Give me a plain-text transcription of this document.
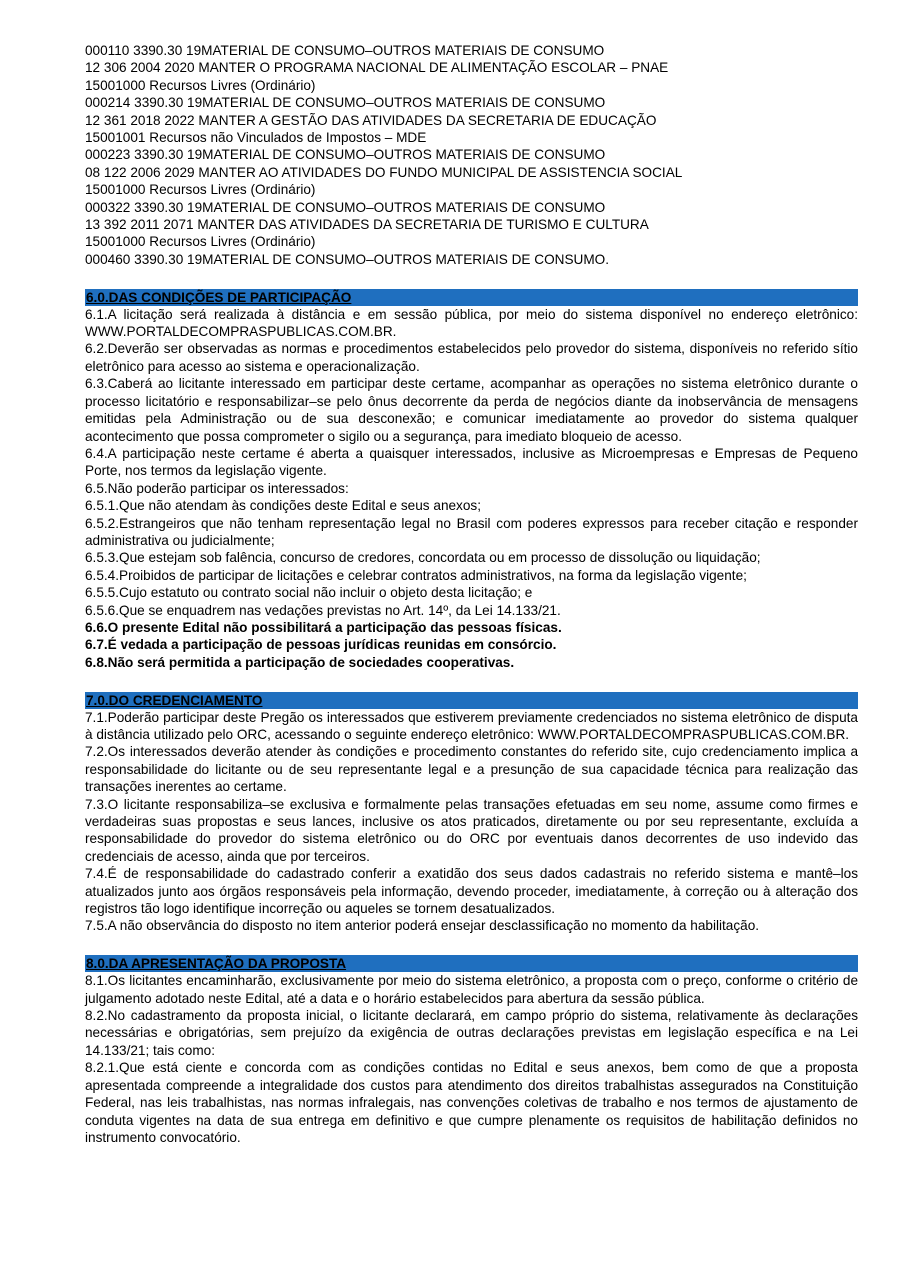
000110 3390.30 19MATERIAL DE CONSUMO–OUTROS MATERIAIS DE CONSUMO
12 306 2004 2020 MANTER O PROGRAMA NACIONAL DE ALIMENTAÇÃO ESCOLAR – PNAE
15001000 Recursos Livres (Ordinário)
000214 3390.30 19MATERIAL DE CONSUMO–OUTROS MATERIAIS DE CONSUMO
12 361 2018 2022 MANTER A GESTÃO DAS ATIVIDADES DA SECRETARIA DE EDUCAÇÃO
15001001 Recursos não Vinculados de Impostos – MDE
000223 3390.30 19MATERIAL DE CONSUMO–OUTROS MATERIAIS DE CONSUMO
08 122 2006 2029 MANTER AO ATIVIDADES DO FUNDO MUNICIPAL DE ASSISTENCIA SOCIAL
15001000 Recursos Livres (Ordinário)
000322 3390.30 19MATERIAL DE CONSUMO–OUTROS MATERIAIS DE CONSUMO
13 392 2011 2071 MANTER DAS ATIVIDADES DA SECRETARIA DE TURISMO E CULTURA
15001000 Recursos Livres (Ordinário)
000460 3390.30 19MATERIAL DE CONSUMO–OUTROS MATERIAIS DE CONSUMO.
6.0.DAS CONDIÇÕES DE PARTICIPAÇÃO
6.1.A licitação será realizada à distância e em sessão pública, por meio do sistema disponível no endereço eletrônico: WWW.PORTALDECOMPRASPUBLICAS.COM.BR.
6.2.Deverão ser observadas as normas e procedimentos estabelecidos pelo provedor do sistema, disponíveis no referido sítio eletrônico para acesso ao sistema e operacionalização.
6.3.Caberá ao licitante interessado em participar deste certame, acompanhar as operações no sistema eletrônico durante o processo licitatório e responsabilizar–se pelo ônus decorrente da perda de negócios diante da inobservância de mensagens emitidas pela Administração ou de sua desconexão; e comunicar imediatamente ao provedor do sistema qualquer acontecimento que possa comprometer o sigilo ou a segurança, para imediato bloqueio de acesso.
6.4.A participação neste certame é aberta a quaisquer interessados, inclusive as Microempresas e Empresas de Pequeno Porte, nos termos da legislação vigente.
6.5.Não poderão participar os interessados:
6.5.1.Que não atendam às condições deste Edital e seus anexos;
6.5.2.Estrangeiros que não tenham representação legal no Brasil com poderes expressos para receber citação e responder administrativa ou judicialmente;
6.5.3.Que estejam sob falência, concurso de credores, concordata ou em processo de dissolução ou liquidação;
6.5.4.Proibidos de participar de licitações e celebrar contratos administrativos, na forma da legislação vigente;
6.5.5.Cujo estatuto ou contrato social não incluir o objeto desta licitação; e
6.5.6.Que se enquadrem nas vedações previstas no Art. 14º, da Lei 14.133/21.
6.6.O presente Edital não possibilitará a participação das pessoas físicas.
6.7.É vedada a participação de pessoas jurídicas reunidas em consórcio.
6.8.Não será permitida a participação de sociedades cooperativas.
7.0.DO CREDENCIAMENTO
7.1.Poderão participar deste Pregão os interessados que estiverem previamente credenciados no sistema eletrônico de disputa à distância utilizado pelo ORC, acessando o seguinte endereço eletrônico: WWW.PORTALDECOMPRASPUBLICAS.COM.BR.
7.2.Os interessados deverão atender às condições e procedimento constantes do referido site, cujo credenciamento implica a responsabilidade do licitante ou de seu representante legal e a presunção de sua capacidade técnica para realização das transações inerentes ao certame.
7.3.O licitante responsabiliza–se exclusiva e formalmente pelas transações efetuadas em seu nome, assume como firmes e verdadeiras suas propostas e seus lances, inclusive os atos praticados, diretamente ou por seu representante, excluída a responsabilidade do provedor do sistema eletrônico ou do ORC por eventuais danos decorrentes de uso indevido das credenciais de acesso, ainda que por terceiros.
7.4.É de responsabilidade do cadastrado conferir a exatidão dos seus dados cadastrais no referido sistema e mantê–los atualizados junto aos órgãos responsáveis pela informação, devendo proceder, imediatamente, à correção ou à alteração dos registros tão logo identifique incorreção ou aqueles se tornem desatualizados.
7.5.A não observância do disposto no item anterior poderá ensejar desclassificação no momento da habilitação.
8.0.DA APRESENTAÇÃO DA PROPOSTA
8.1.Os licitantes encaminharão, exclusivamente por meio do sistema eletrônico, a proposta com o preço, conforme o critério de julgamento adotado neste Edital, até a data e o horário estabelecidos para abertura da sessão pública.
8.2.No cadastramento da proposta inicial, o licitante declarará, em campo próprio do sistema, relativamente às declarações necessárias e obrigatórias, sem prejuízo da exigência de outras declarações previstas em legislação específica e na Lei 14.133/21; tais como:
8.2.1.Que está ciente e concorda com as condições contidas no Edital e seus anexos, bem como de que a proposta apresentada compreende a integralidade dos custos para atendimento dos direitos trabalhistas assegurados na Constituição Federal, nas leis trabalhistas, nas normas infralegais, nas convenções coletivas de trabalho e nos termos de ajustamento de conduta vigentes na data de sua entrega em definitivo e que cumpre plenamente os requisitos de habilitação definidos no instrumento convocatório.
